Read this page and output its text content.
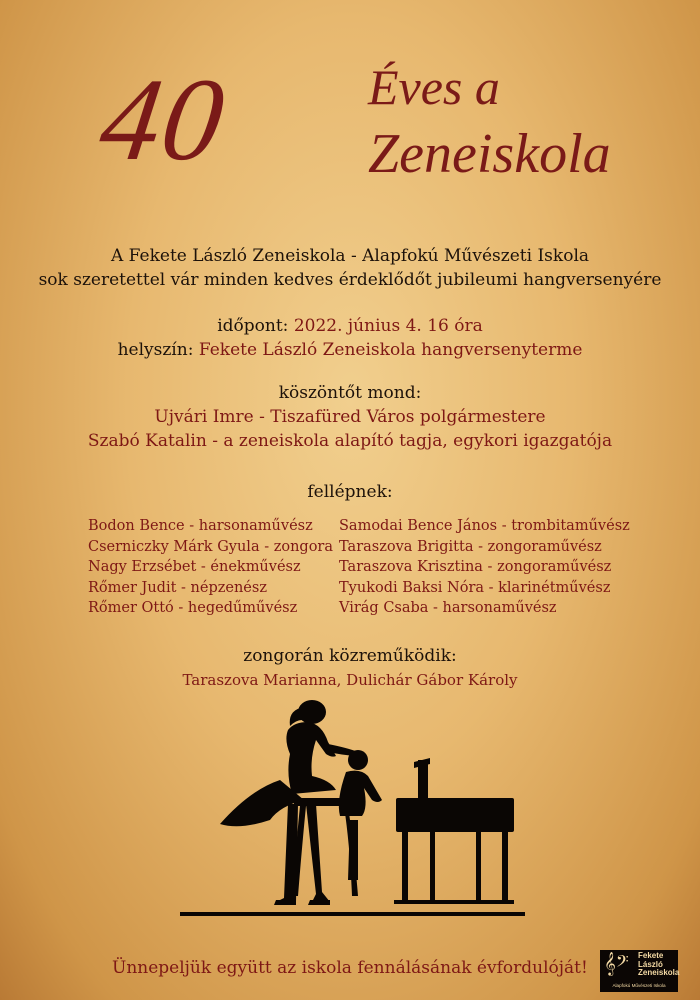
40	Éves a
Zeneiskola
A Fekete László Zeneiskola - Alapfokú Művészeti Iskola
sok szeretettel vár minden kedves érdeklődőt jubileumi hangversenyére
időpont: 2022. június 4. 16 óra
helyszín: Fekete László Zeneiskola hangversenyterme
köszöntőt mond:
Ujvári Imre - Tiszafüred Város polgármestere
Szabó Katalin - a zeneiskola alapító tagja, egykori igazgatója
fellépnek:
Bodon Bence - harsonaművész
Cserniczky Márk Gyula - zongora
Nagy Erzsébet - énekművész
Rőmer Judit - népzenész
Rőmer Ottó - hegedűművész
Samodai Bence János - trombitaművész
Taraszova Brigitta - zongoraművész
Taraszova Krisztina - zongoraművész
Tyukodi Baksi Nóra - klarinétművész
Virág Csaba - harsonaművész
zongorán közreműködik:
Taraszova Marianna, Dulichár Gábor Károly
Ünnepeljük együtt az iskola fennálásának évfordulóját! 𝄞𝄢 Fekete
László
Zeneiskola
Alapfokú Művészeti Iskola
